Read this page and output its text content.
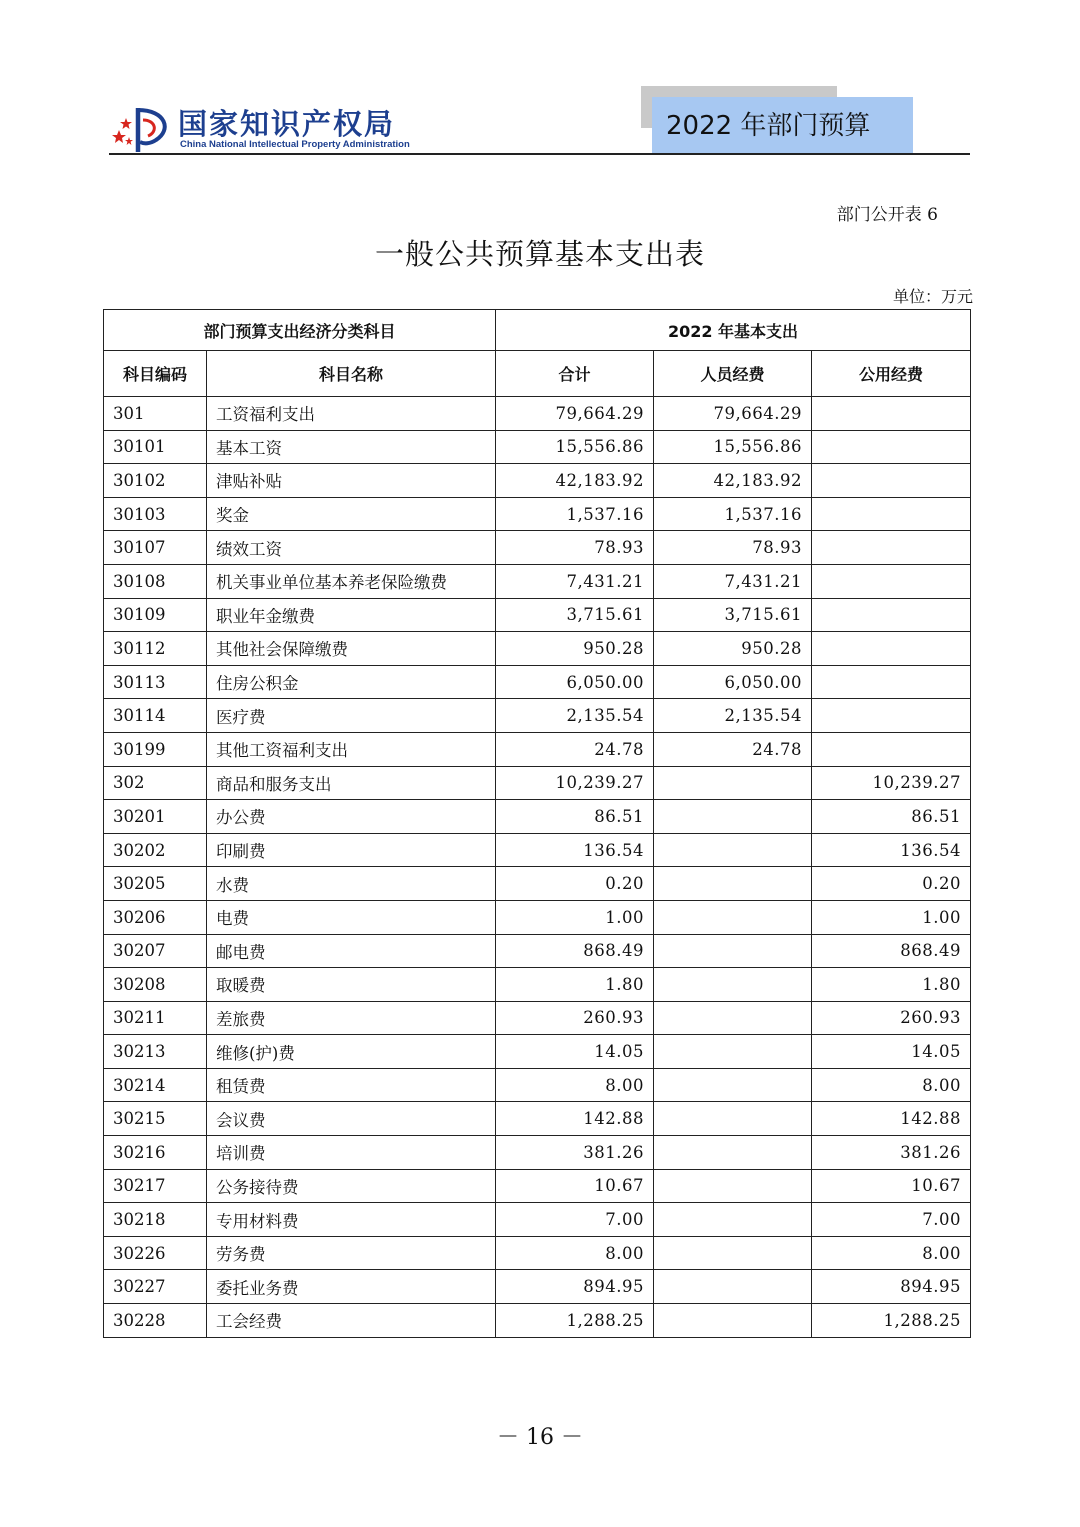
国家知识产权局
China National Intellectual Property Administration
2022 年部门预算
部门公开表 6
一般公共预算基本支出表
单位：万元
部门预算支出经济分类科目		2022 年基本支出		
科目编码	科目名称	合计	人员经费	公用经费
301	工资福利支出	79,664.29	79,664.29	
30101	基本工资	15,556.86	15,556.86	
30102	津贴补贴	42,183.92	42,183.92	
30103	奖金	1,537.16	1,537.16	
30107	绩效工资	78.93	78.93	
30108	机关事业单位基本养老保险缴费	7,431.21	7,431.21	
30109	职业年金缴费	3,715.61	3,715.61	
30112	其他社会保障缴费	950.28	950.28	
30113	住房公积金	6,050.00	6,050.00	
30114	医疗费	2,135.54	2,135.54	
30199	其他工资福利支出	24.78	24.78	
302	商品和服务支出	10,239.27		10,239.27
30201	办公费	86.51		86.51
30202	印刷费	136.54		136.54
30205	水费	0.20		0.20
30206	电费	1.00		1.00
30207	邮电费	868.49		868.49
30208	取暖费	1.80		1.80
30211	差旅费	260.93		260.93
30213	维修(护)费	14.05		14.05
30214	租赁费	8.00		8.00
30215	会议费	142.88		142.88
30216	培训费	381.26		381.26
30217	公务接待费	10.67		10.67
30218	专用材料费	7.00		7.00
30226	劳务费	8.00		8.00
30227	委托业务费	894.95		894.95
30228	工会经费	1,288.25		1,288.25
－ 16 －
